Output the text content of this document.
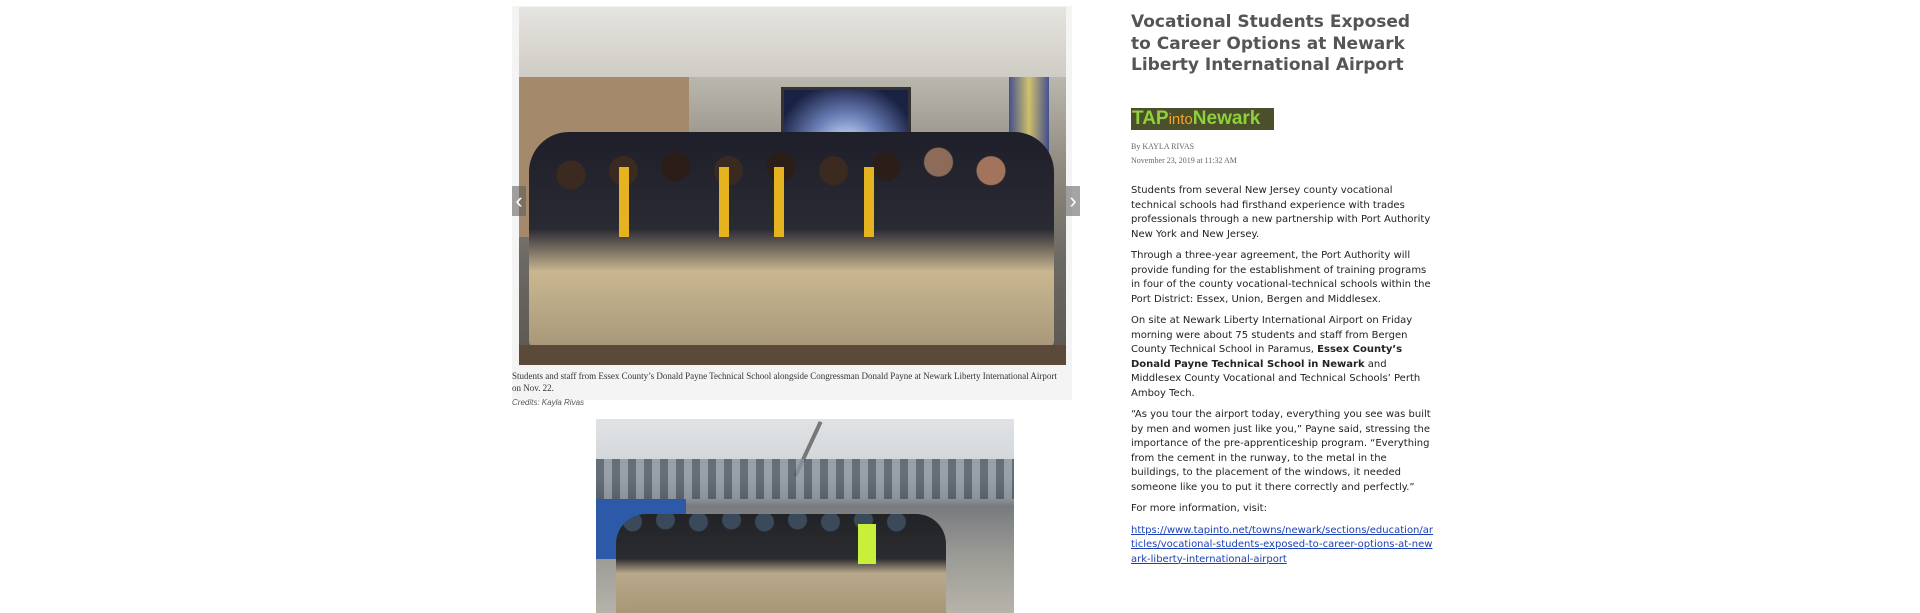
‹	›
Students and staff from Essex County’s Donald Payne Technical School alongside Congressman Donald Payne at Newark Liberty International Airport on Nov. 22.
Credits: Kayla Rivas
Vocational Students Exposed to Career Options at Newark Liberty International Airport
TAPintoNewark
By KAYLA RIVAS
November 23, 2019 at 11:32 AM

Students from several New Jersey county vocational technical schools had firsthand experience with trades professionals through a new partnership with Port Authority New York and New Jersey.

Through a three-year agreement, the Port Authority will provide funding for the establishment of training programs in four of the county vocational-technical schools within the Port District: Essex, Union, Bergen and Middlesex.

On site at Newark Liberty International Airport on Friday morning were about 75 students and staff from Bergen County Technical School in Paramus, Essex County’s Donald Payne Technical School in Newark and Middlesex County Vocational and Technical Schools’ Perth Amboy Tech.

“As you tour the airport today, everything you see was built by men and women just like you,” Payne said, stressing the importance of the pre-apprenticeship program. “Everything from the cement in the runway, to the metal in the buildings, to the placement of the windows, it needed someone like you to put it there correctly and perfectly.”

For more information, visit:

https://www.tapinto.net/towns/newark/sections/education/articles/vocational-students-exposed-to-career-options-at-newark-liberty-international-airport
